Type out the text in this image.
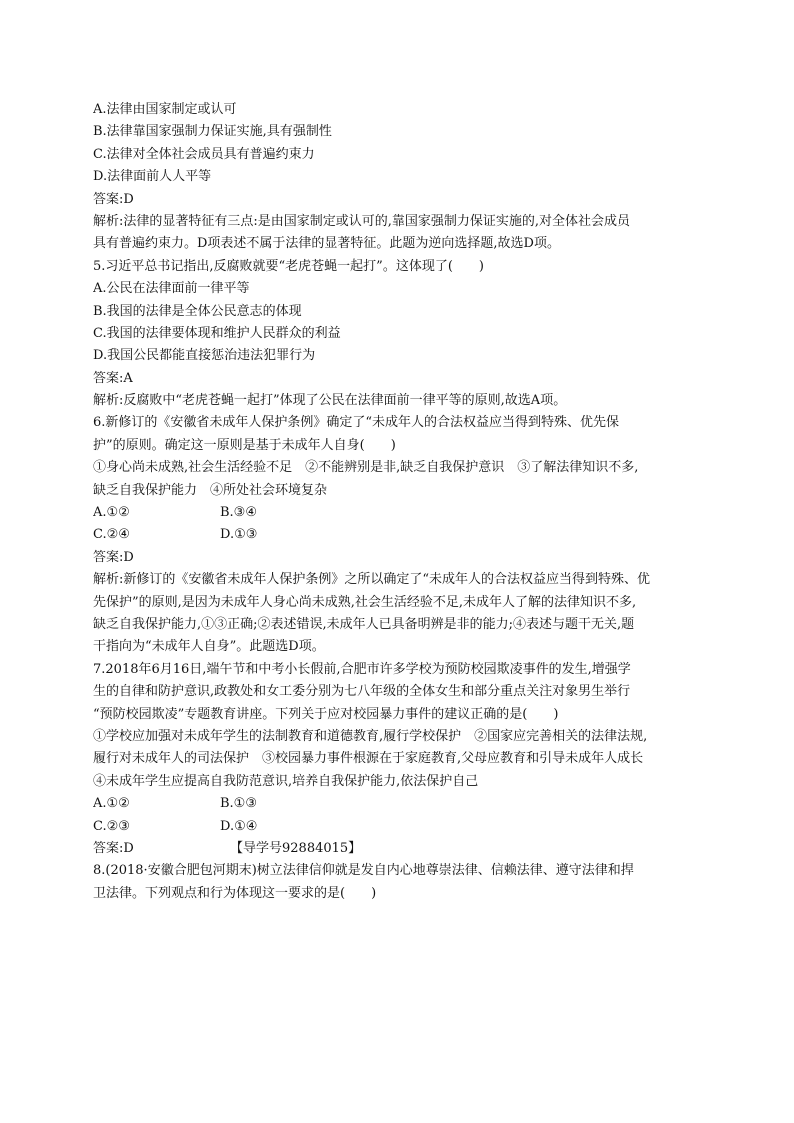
A.法律由国家制定或认可
B.法律靠国家强制力保证实施,具有强制性
C.法律对全体社会成员具有普遍约束力
D.法律面前人人平等
答案:D
解析:法律的显著特征有三点:是由国家制定或认可的,靠国家强制力保证实施的,对全体社会成员
具有普遍约束力。D项表述不属于法律的显著特征。此题为逆向选择题,故选D项。
5.习近平总书记指出,反腐败就要“老虎苍蝇一起打”。这体现了(　　)
A.公民在法律面前一律平等
B.我国的法律是全体公民意志的体现
C.我国的法律要体现和维护人民群众的利益
D.我国公民都能直接惩治违法犯罪行为
答案:A
解析:反腐败中“老虎苍蝇一起打”体现了公民在法律面前一律平等的原则,故选A项。
6.新修订的《安徽省未成年人保护条例》确定了“未成年人的合法权益应当得到特殊、优先保
护”的原则。确定这一原则是基于未成年人自身(　　)
①身心尚未成熟,社会生活经验不足　②不能辨别是非,缺乏自我保护意识　③了解法律知识不多,
缺乏自我保护能力　④所处社会环境复杂
A.①②	B.③④
C.②④	D.①③
答案:D
解析:新修订的《安徽省未成年人保护条例》之所以确定了“未成年人的合法权益应当得到特殊、优
先保护”的原则,是因为未成年人身心尚未成熟,社会生活经验不足,未成年人了解的法律知识不多,
缺乏自我保护能力,①③正确;②表述错误,未成年人已具备明辨是非的能力;④表述与题干无关,题
干指向为“未成年人自身”。此题选D项。
7.2018年6月16日,端午节和中考小长假前,合肥市许多学校为预防校园欺凌事件的发生,增强学
生的自律和防护意识,政教处和女工委分别为七八年级的全体女生和部分重点关注对象男生举行
“预防校园欺凌”专题教育讲座。下列关于应对校园暴力事件的建议正确的是(　　)
①学校应加强对未成年学生的法制教育和道德教育,履行学校保护　②国家应完善相关的法律法规,
履行对未成年人的司法保护　③校园暴力事件根源在于家庭教育,父母应教育和引导未成年人成长
④未成年学生应提高自我防范意识,培养自我保护能力,依法保护自己
A.①②	B.①③
C.②③	D.①④
答案:D	【导学号92884015】
8.(2018·安徽合肥包河期末)树立法律信仰就是发自内心地尊崇法律、信赖法律、遵守法律和捍
卫法律。下列观点和行为体现这一要求的是(　　)
